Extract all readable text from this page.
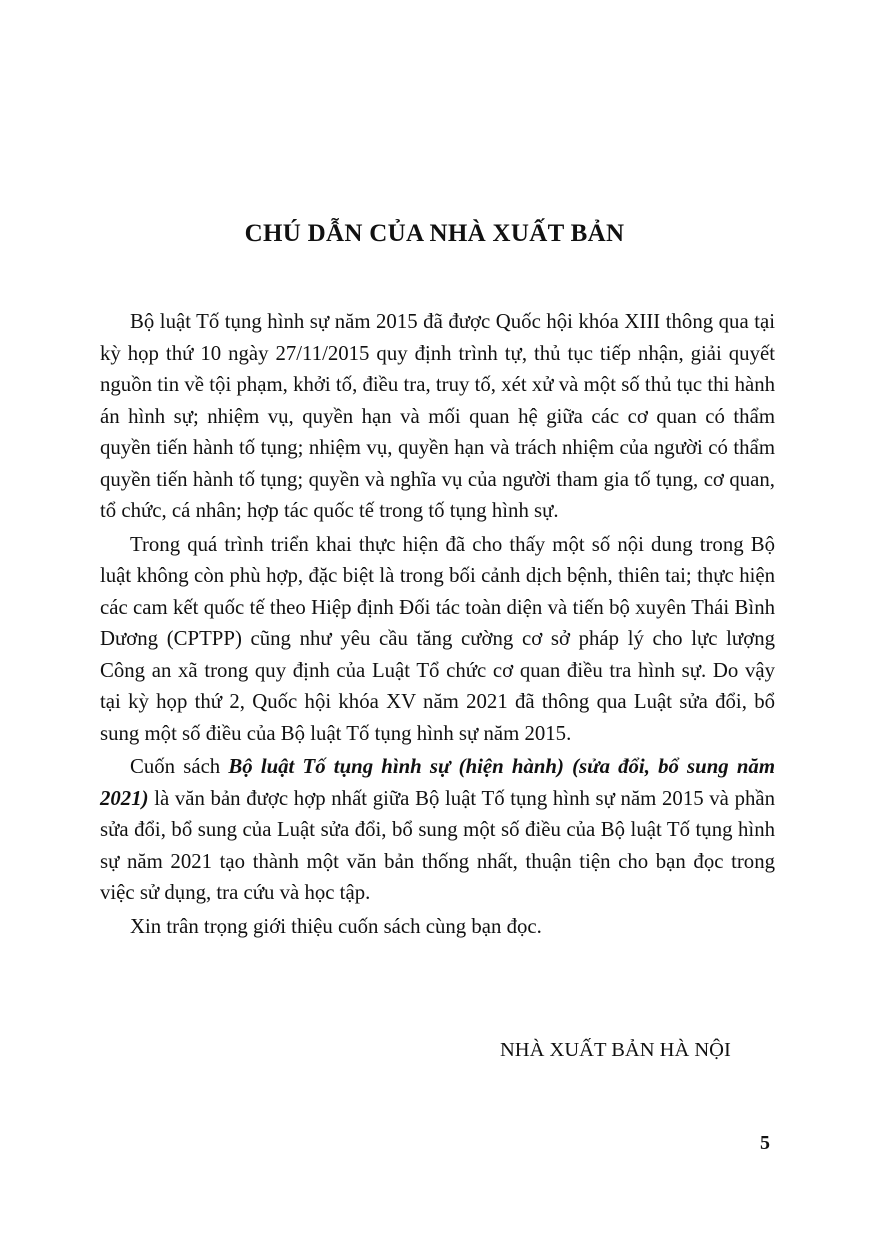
CHÚ DẪN CỦA NHÀ XUẤT BẢN

Bộ luật Tố tụng hình sự năm 2015 đã được Quốc hội khóa XIII thông qua tại kỳ họp thứ 10 ngày 27/11/2015 quy định trình tự, thủ tục tiếp nhận, giải quyết nguồn tin về tội phạm, khởi tố, điều tra, truy tố, xét xử và một số thủ tục thi hành án hình sự; nhiệm vụ, quyền hạn và mối quan hệ giữa các cơ quan có thẩm quyền tiến hành tố tụng; nhiệm vụ, quyền hạn và trách nhiệm của người có thẩm quyền tiến hành tố tụng; quyền và nghĩa vụ của người tham gia tố tụng, cơ quan, tổ chức, cá nhân; hợp tác quốc tế trong tố tụng hình sự.

Trong quá trình triển khai thực hiện đã cho thấy một số nội dung trong Bộ luật không còn phù hợp, đặc biệt là trong bối cảnh dịch bệnh, thiên tai; thực hiện các cam kết quốc tế theo Hiệp định Đối tác toàn diện và tiến bộ xuyên Thái Bình Dương (CPTPP) cũng như yêu cầu tăng cường cơ sở pháp lý cho lực lượng Công an xã trong quy định của Luật Tổ chức cơ quan điều tra hình sự. Do vậy tại kỳ họp thứ 2, Quốc hội khóa XV năm 2021 đã thông qua Luật sửa đổi, bổ sung một số điều của Bộ luật Tố tụng hình sự năm 2015.

Cuốn sách Bộ luật Tố tụng hình sự (hiện hành) (sửa đổi, bổ sung năm 2021) là văn bản được hợp nhất giữa Bộ luật Tố tụng hình sự năm 2015 và phần sửa đổi, bổ sung của Luật sửa đổi, bổ sung một số điều của Bộ luật Tố tụng hình sự năm 2021 tạo thành một văn bản thống nhất, thuận tiện cho bạn đọc trong việc sử dụng, tra cứu và học tập.

Xin trân trọng giới thiệu cuốn sách cùng bạn đọc.

NHÀ XUẤT BẢN HÀ NỘI

5
